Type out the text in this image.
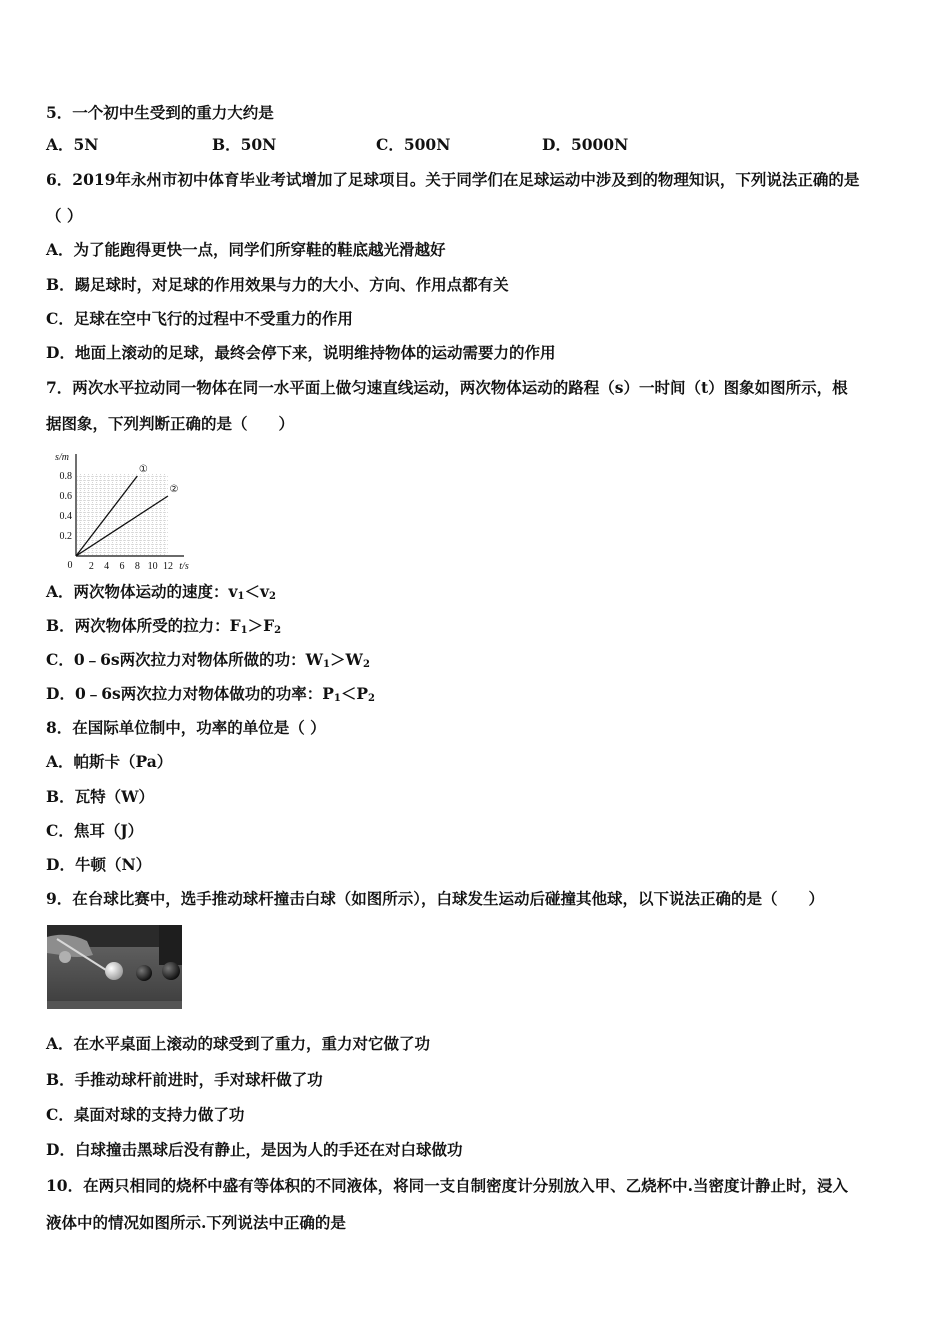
5．一个初中生受到的重力大约是
A．5N	B．50N	C．500N	D．5000N
6．2019年永州市初中体育毕业考试增加了足球项目。关于同学们在足球运动中涉及到的物理知识，下列说法正确的是
（ ）
A．为了能跑得更快一点，同学们所穿鞋的鞋底越光滑越好
B．踢足球时，对足球的作用效果与力的大小、方向、作用点都有关
C．足球在空中飞行的过程中不受重力的作用
D．地面上滚动的足球，最终会停下来，说明维持物体的运动需要力的作用
7．两次水平拉动同一物体在同一水平面上做匀速直线运动，两次物体运动的路程（s）一时间（t）图象如图所示，根
据图象，下列判断正确的是（　　）
0.8
0.6
0.4
0.2
2 4 6 8 10 12
0
s/m
t/s
①
②
A．两次物体运动的速度：$v_1<v_2$
B．两次物体所受的拉力：$F_1>F_2$
C．0﹣6s两次拉力对物体所做的功：$W_1>W_2$
D．0﹣6s两次拉力对物体做功的功率：$P_1<P_2$
8．在国际单位制中，功率的单位是（ ）
A．帕斯卡（Pa）
B．瓦特（W）
C．焦耳（J）
D．牛顿（N）
9．在台球比赛中，选手推动球杆撞击白球（如图所示），白球发生运动后碰撞其他球，以下说法正确的是（　　）
A．在水平桌面上滚动的球受到了重力，重力对它做了功
B．手推动球杆前进时，手对球杆做了功
C．桌面对球的支持力做了功
D．白球撞击黑球后没有静止，是因为人的手还在对白球做功
10．在两只相同的烧杯中盛有等体积的不同液体，将同一支自制密度计分别放入甲、乙烧杯中.当密度计静止时，浸入
液体中的情况如图所示.下列说法中正确的是
